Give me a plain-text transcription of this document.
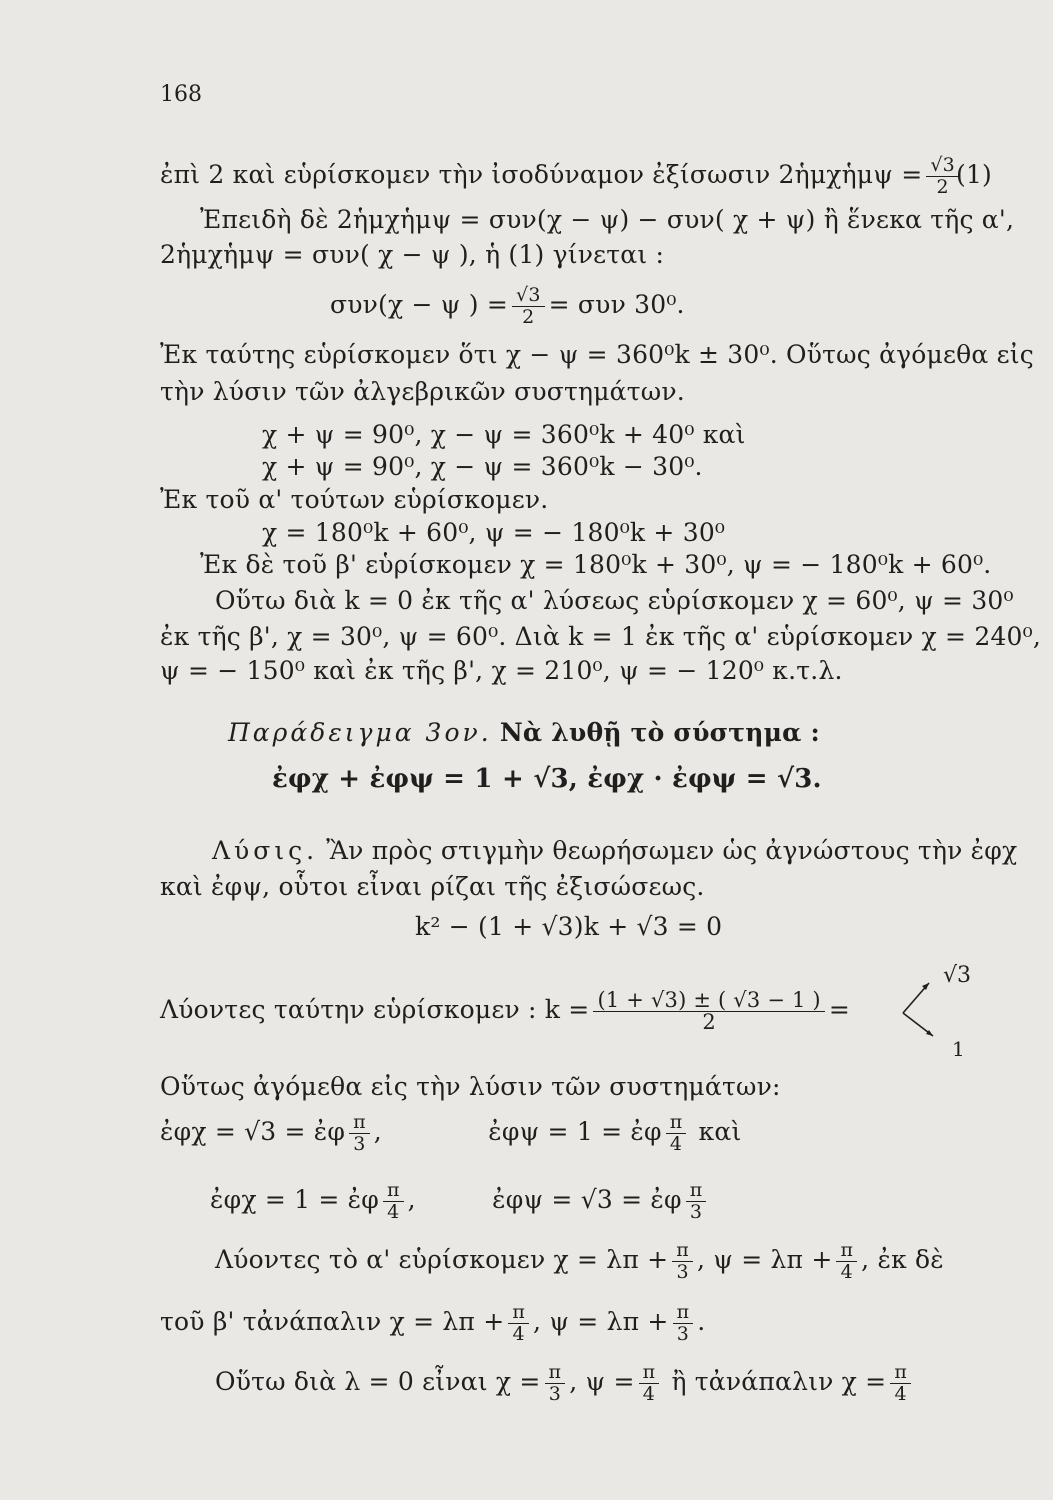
168
ἐπὶ 2 καὶ εὑρίσκομεν τὴν ἰσοδύναμον ἐξίσωσιν 2ἡμχἡμψ = $\frac{√3}{2}$
(1)
Ἐπειδὴ δὲ 2ἡμχἡμψ = συν(χ − ψ) − συν( χ + ψ) ἢ ἕνεκα τῆς α',
2ἡμχἡμψ = συν( χ − ψ ), ἡ (1) γίνεται :
συν(χ − ψ ) = $\frac{√3}{2} = \sigma\upsilon\nu$ 30⁰.
Ἐκ ταύτης εὑρίσκομεν ὅτι χ − ψ = 360⁰k ± 30⁰. Οὕτως ἀγόμεθα εἰς
τὴν λύσιν τῶν ἀλγεβρικῶν συστημάτων.
χ + ψ = 90⁰, χ − ψ = 360⁰k + 40⁰ καὶ
χ + ψ = 90⁰, χ − ψ = 360⁰k − 30⁰.
Ἐκ τοῦ α' τούτων εὑρίσκομεν.
χ = 180⁰k + 60⁰, ψ = − 180⁰k + 30⁰
Ἐκ δὲ τοῦ β' εὑρίσκομεν χ = 180⁰k + 30⁰, ψ = − 180⁰k + 60⁰.
Οὕτω διὰ k = 0 ἐκ τῆς α' λύσεως εὑρίσκομεν χ = 60⁰, ψ = 30⁰
ἐκ τῆς β', χ = 30⁰, ψ = 60⁰. Διὰ k = 1 ἐκ τῆς α' εὑρίσκομεν χ = 240⁰,
ψ = − 150⁰ καὶ ἐκ τῆς β', χ = 210⁰, ψ = − 120⁰ κ.τ.λ.
Παράδειγμα 3ον. Νὰ λυθῇ τὸ σύστημα :
ἐφχ + ἐφψ = 1 + √3, ἐφχ · ἐφψ = √3.
Λύσις. Ἂν πρὸς στιγμὴν θεωρήσωμεν ὡς ἀγνώστους τὴν ἐφχ
καὶ ἐφψ, οὗτοι εἶναι ρίζαι τῆς ἐξισώσεως.
k² − (1 + √3)k + √3 = 0
Λύοντες ταύτην εὑρίσκομεν : $k = \frac{(1 + √3) \pm ( √3 - 1 )}{2}$ =
√3
1
Οὕτως ἀγόμεθα εἰς τὴν λύσιν τῶν συστημάτων:
ἐφχ = √3 = ἐφ $\frac{\pi}{3}$ ,	ἐφψ = 1 = ἐφ $\frac{\pi}{4}$ καὶ
ἐφχ = 1 = ἐφ $\frac{\pi}{4}$ ,	ἐφψ = √3 = ἐφ $\frac{\pi}{3}$
Λύοντες τὸ α' εὑρίσκομεν $\chi = \lambda\pi + \frac{\pi}{3}$ , $\psi = \lambda\pi + \frac{\pi}{4}$ , ἐκ δὲ
τοῦ β' τἀνάπαλιν $\chi = \lambda\pi + \frac{\pi}{4}$ , $\psi = \lambda\pi + \frac{\pi}{3}$ .
Οὕτω διὰ λ = 0 εἶναι $\chi = \frac{\pi}{3}$ , $\psi = \frac{\pi}{4}$ ἢ τἀνάπαλιν $\chi = \frac{\pi}{4}$
